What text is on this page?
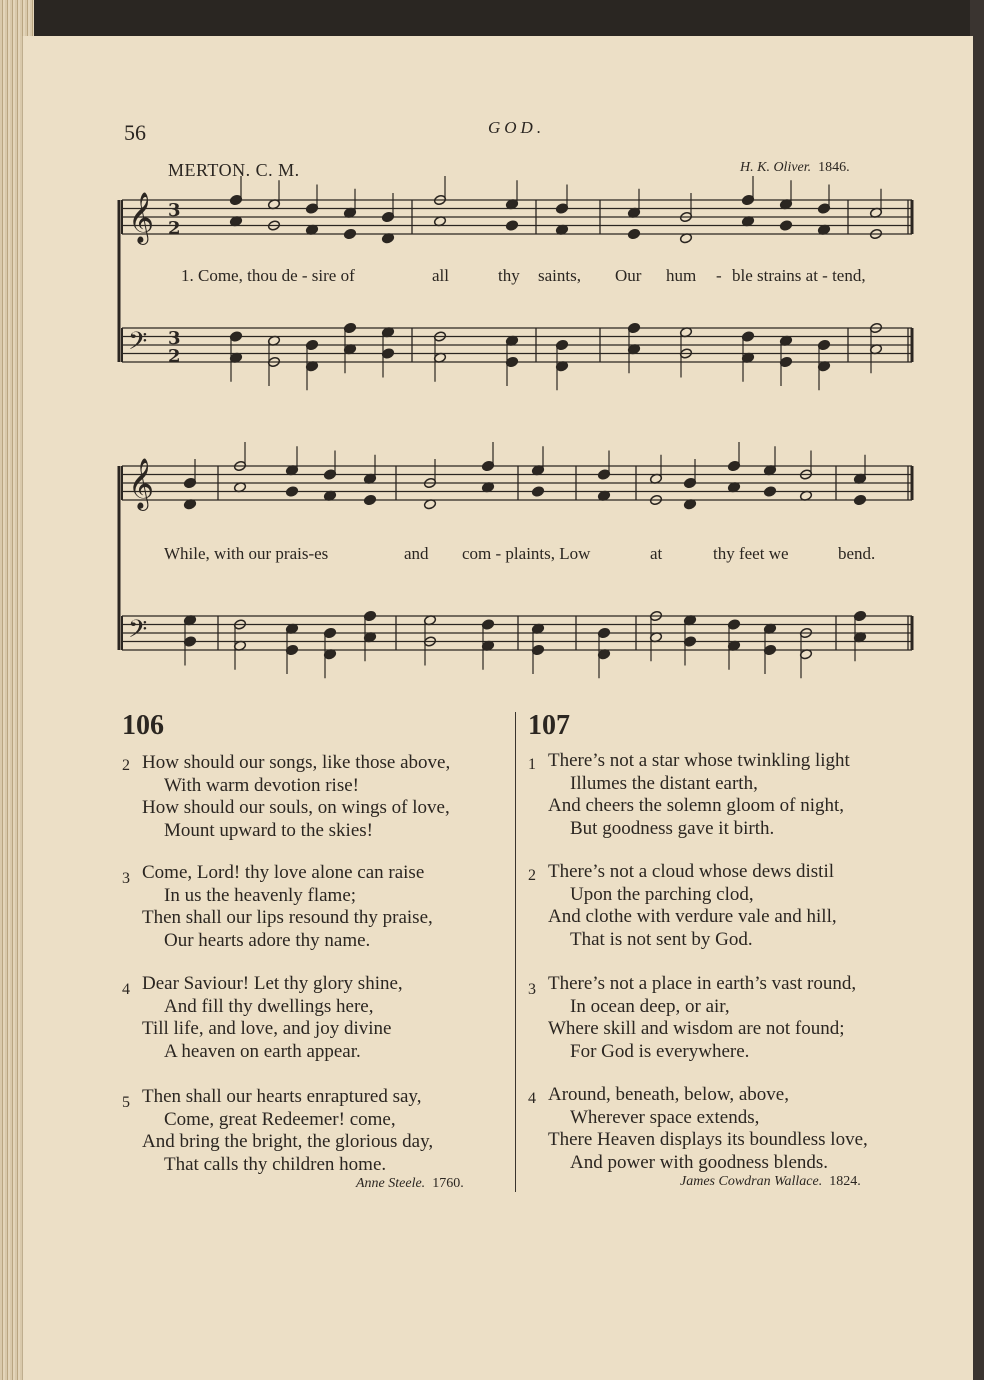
56	GOD.
MERTON. C. M.	H. K. Oliver. 1846.
𝄞 3
2
𝄢 3
2
𝄞
𝄢
1. Come, thou de - sire of	all	thy saints, Our hum - ble strains at - tend,
While, with our prais-es	and com - plaints, Low	at	thy feet we	bend.
106
2 How should our songs, like those above,
With warm devotion rise!
How should our souls, on wings of love,
Mount upward to the skies!
3 Come, Lord! thy love alone can raise
In us the heavenly flame;
Then shall our lips resound thy praise,
Our hearts adore thy name.
4 Dear Saviour! Let thy glory shine,
And fill thy dwellings here,
Till life, and love, and joy divine
A heaven on earth appear.
5 Then shall our hearts enraptured say,
Come, great Redeemer! come,
And bring the bright, the glorious day,
That calls thy children home.
Anne Steele. 1760.
107
1 There’s not a star whose twinkling light
Illumes the distant earth,
And cheers the solemn gloom of night,
But goodness gave it birth.
2 There’s not a cloud whose dews distil
Upon the parching clod,
And clothe with verdure vale and hill,
That is not sent by God.
3 There’s not a place in earth’s vast round,
In ocean deep, or air,
Where skill and wisdom are not found;
For God is everywhere.
4 Around, beneath, below, above,
Wherever space extends,
There Heaven displays its boundless love,
And power with goodness blends.
James Cowdran Wallace. 1824.
